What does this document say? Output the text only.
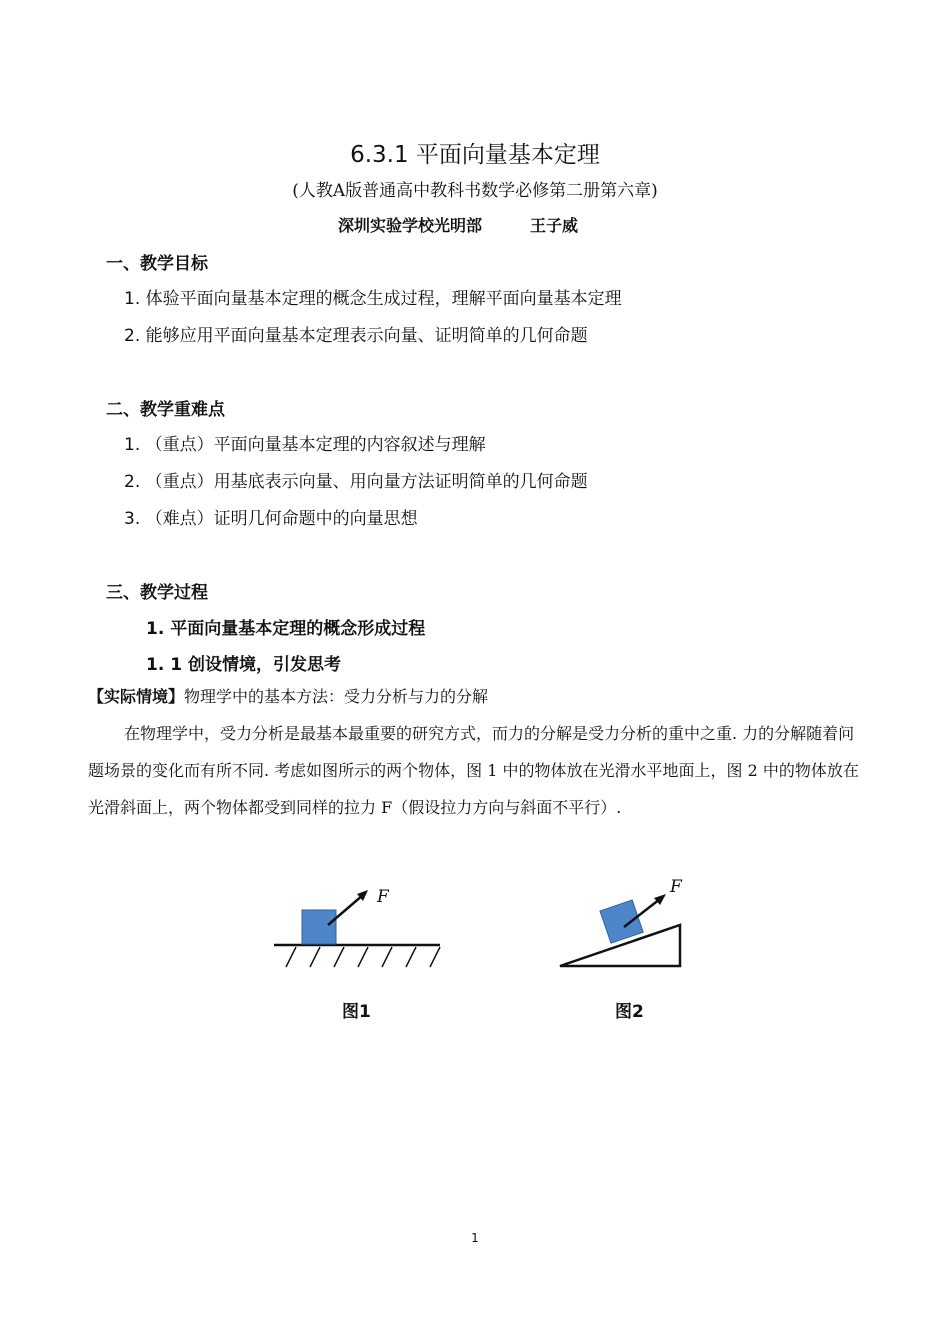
6.3.1 平面向量基本定理
(人教A版普通高中教科书数学必修第二册第六章)
深圳实验学校光明部	王子威
一、教学目标
1. 体验平面向量基本定理的概念生成过程，理解平面向量基本定理
2. 能够应用平面向量基本定理表示向量、证明简单的几何命题
二、教学重难点
1. （重点）平面向量基本定理的内容叙述与理解
2. （重点）用基底表示向量、用向量方法证明简单的几何命题
3. （难点）证明几何命题中的向量思想
三、教学过程
1. 平面向量基本定理的概念形成过程
1. 1 创设情境，引发思考

【实际情境】物理学中的基本方法：受力分析与力的分解

在物理学中，受力分析是最基本最重要的研究方式，而力的分解是受力分析的重中之重. 力的分解随着问题场景的变化而有所不同. 考虑如图所示的两个物体，图 1 中的物体放在光滑水平地面上，图 2 中的物体放在光滑斜面上，两个物体都受到同样的拉力 F（假设拉力方向与斜面不平行）.

F	F
图1	图2
1
